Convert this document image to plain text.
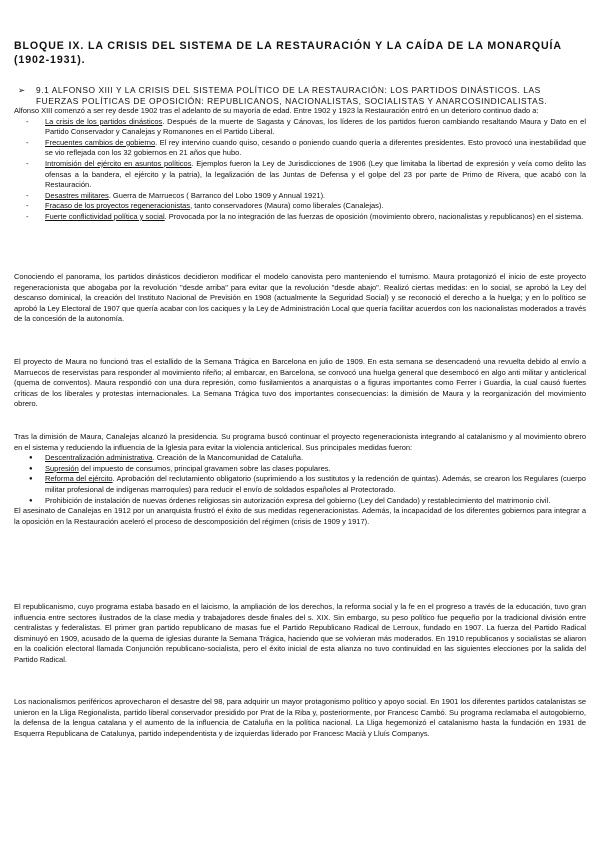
BLOQUE IX. LA CRISIS DEL SISTEMA DE LA RESTAURACIÓN Y LA CAÍDA DE LA MONARQUÍA (1902-1931).
➢ 9.1 ALFONSO XIII Y LA CRISIS DEL SISTEMA POLÍTICO DE LA RESTAURACIÓN: LOS PARTIDOS DINÁSTICOS. LAS FUERZAS POLÍTICAS DE OPOSICIÓN: REPUBLICANOS, NACIONALISTAS, SOCIALISTAS Y ANARCOSINDICALISTAS.

Alfonso XIII comenzó a ser rey desde 1902 tras el adelanto de su mayoría de edad. Entre 1902 y 1923 la Restauración entró en un deterioro continuo dado a:

- La crisis de los partidos dinásticos. Después de la muerte de Sagasta y Cánovas, los líderes de los partidos fueron cambiando resaltando Maura y Dato en el Partido Conservador y Canalejas y Romanones en el Partido Liberal.
- Frecuentes cambios de gobierno. El rey intervino cuando quiso, cesando o poniendo cuando quería a diferentes presidentes. Esto provocó una inestabilidad que se vio reflejada con los 32 gobiernos en 21 años que hubo.
- Intromisión del ejército en asuntos políticos. Ejemplos fueron la Ley de Jurisdicciones de 1906 (Ley que limitaba la libertad de expresión y veía como delito las ofensas a la bandera, el ejército y la patria), la legalización de las Juntas de Defensa y el golpe del 23 por parte de Primo de Rivera, que acabó con la Restauración.
- Desastres militares. Guerra de Marruecos ( Barranco del Lobo 1909 y Annual 1921).
- Fracaso de los proyectos regeneracionistas, tanto conservadores (Maura) como liberales (Canalejas).
- Fuerte conflictividad política y social. Provocada por la no integración de las fuerzas de oposición (movimiento obrero, nacionalistas y republicanos) en el sistema.
Conociendo el panorama, los partidos dinásticos decidieron modificar el modelo canovista pero manteniendo el turnismo. Maura protagonizó el inicio de este proyecto regeneracionista que abogaba por la revolución "desde arriba" para evitar que la revolución "desde abajo". Realizó ciertas medidas: en lo social, se aprobó la Ley del descanso dominical, la creación del Instituto Nacional de Previsión en 1908 (actualmente la Seguridad Social) y se reconoció el derecho a la huelga; y en lo político se aprobó la Ley Electoral de 1907 que quería acabar con los caciques y la Ley de Administración Local que quería facilitar acuerdos con los nacionalistas moderados a través de la concesión de la autonomía.
El proyecto de Maura no funcionó tras el estallido de la Semana Trágica en Barcelona en julio de 1909. En esta semana se desencadenó una revuelta debido al envío a Marruecos de reservistas para responder al movimiento rifeño; al embarcar, en Barcelona, se convocó una huelga general que desembocó en algo anti militar y anticlerical (quema de conventos). Maura respondió con una dura represión, como fusilamientos a anarquistas o a figuras importantes como Ferrer i Guardia, la cual causó fuertes críticas de los liberales y protestas internacionales. La Semana Trágica tuvo dos importantes consecuencias: la dimisión de Maura y la reorganización del movimiento obrero.

Tras la dimisión de Maura, Canalejas alcanzó la presidencia. Su programa buscó continuar el proyecto regeneracionista integrando al catalanismo y al movimiento obrero en el sistema y reduciendo la influencia de la Iglesia para evitar la violencia anticlerical. Sus principales medidas fueron:

● Descentralización administrativa. Creación de la Mancomunidad de Cataluña.
● Supresión del impuesto de consumos, principal gravamen sobre las clases populares.
● Reforma del ejército. Aprobación del reclutamiento obligatorio (suprimiendo a los sustitutos y la redención de quintas). Además, se crearon los Regulares (cuerpo militar profesional de indígenas marroquíes) para reducir el envío de soldados españoles al Protectorado.
● Prohibición de instalación de nuevas órdenes religiosas sin autorización expresa del gobierno (Ley del Candado) y restablecimiento del matrimonio civil.

El asesinato de Canalejas en 1912 por un anarquista frustró el éxito de sus medidas regeneracionistas. Además, la incapacidad de los diferentes gobiernos para integrar a la oposición en la Restauración aceleró el proceso de descomposición del régimen (crisis de 1909 y 1917).

El republicanismo, cuyo programa estaba basado en el laicismo, la ampliación de los derechos, la reforma social y la fe en el progreso a través de la educación, tuvo gran influencia entre sectores ilustrados de la clase media y trabajadores desde finales del s. XIX. Sin embargo, su peso político fue pequeño por la tradicional división entre centralistas y federalistas. El primer gran partido republicano de masas fue el Partido Republicano Radical de Lerroux, fundado en 1907. La fuerza del Partido Radical disminuyó en 1909, acusado de la quema de iglesias durante la Semana Trágica, haciendo que se volvieran más moderados. En 1910 republicanos y socialistas se aliaron en la coalición electoral llamada Conjunción republicano-socialista, pero el éxito inicial de esta alianza no tuvo continuidad en las siguientes elecciones por la salida del Partido Radical.
Los nacionalismos periféricos aprovecharon el desastre del 98, para adquirir un mayor protagonismo político y apoyo social. En 1901 los diferentes partidos catalanistas se unieron en la Lliga Regionalista, partido liberal conservador presidido por Prat de la Riba y, posteriormente, por Francesc Cambó. Su programa reclamaba el autogobierno, la defensa de la lengua catalana y el aumento de la influencia de Cataluña en la política nacional. La Lliga hegemonizó el catalanismo hasta la fundación en 1931 de Esquerra Republicana de Catalunya, partido independentista y de izquierdas liderado por Francesc Macià y Lluís Companys.
